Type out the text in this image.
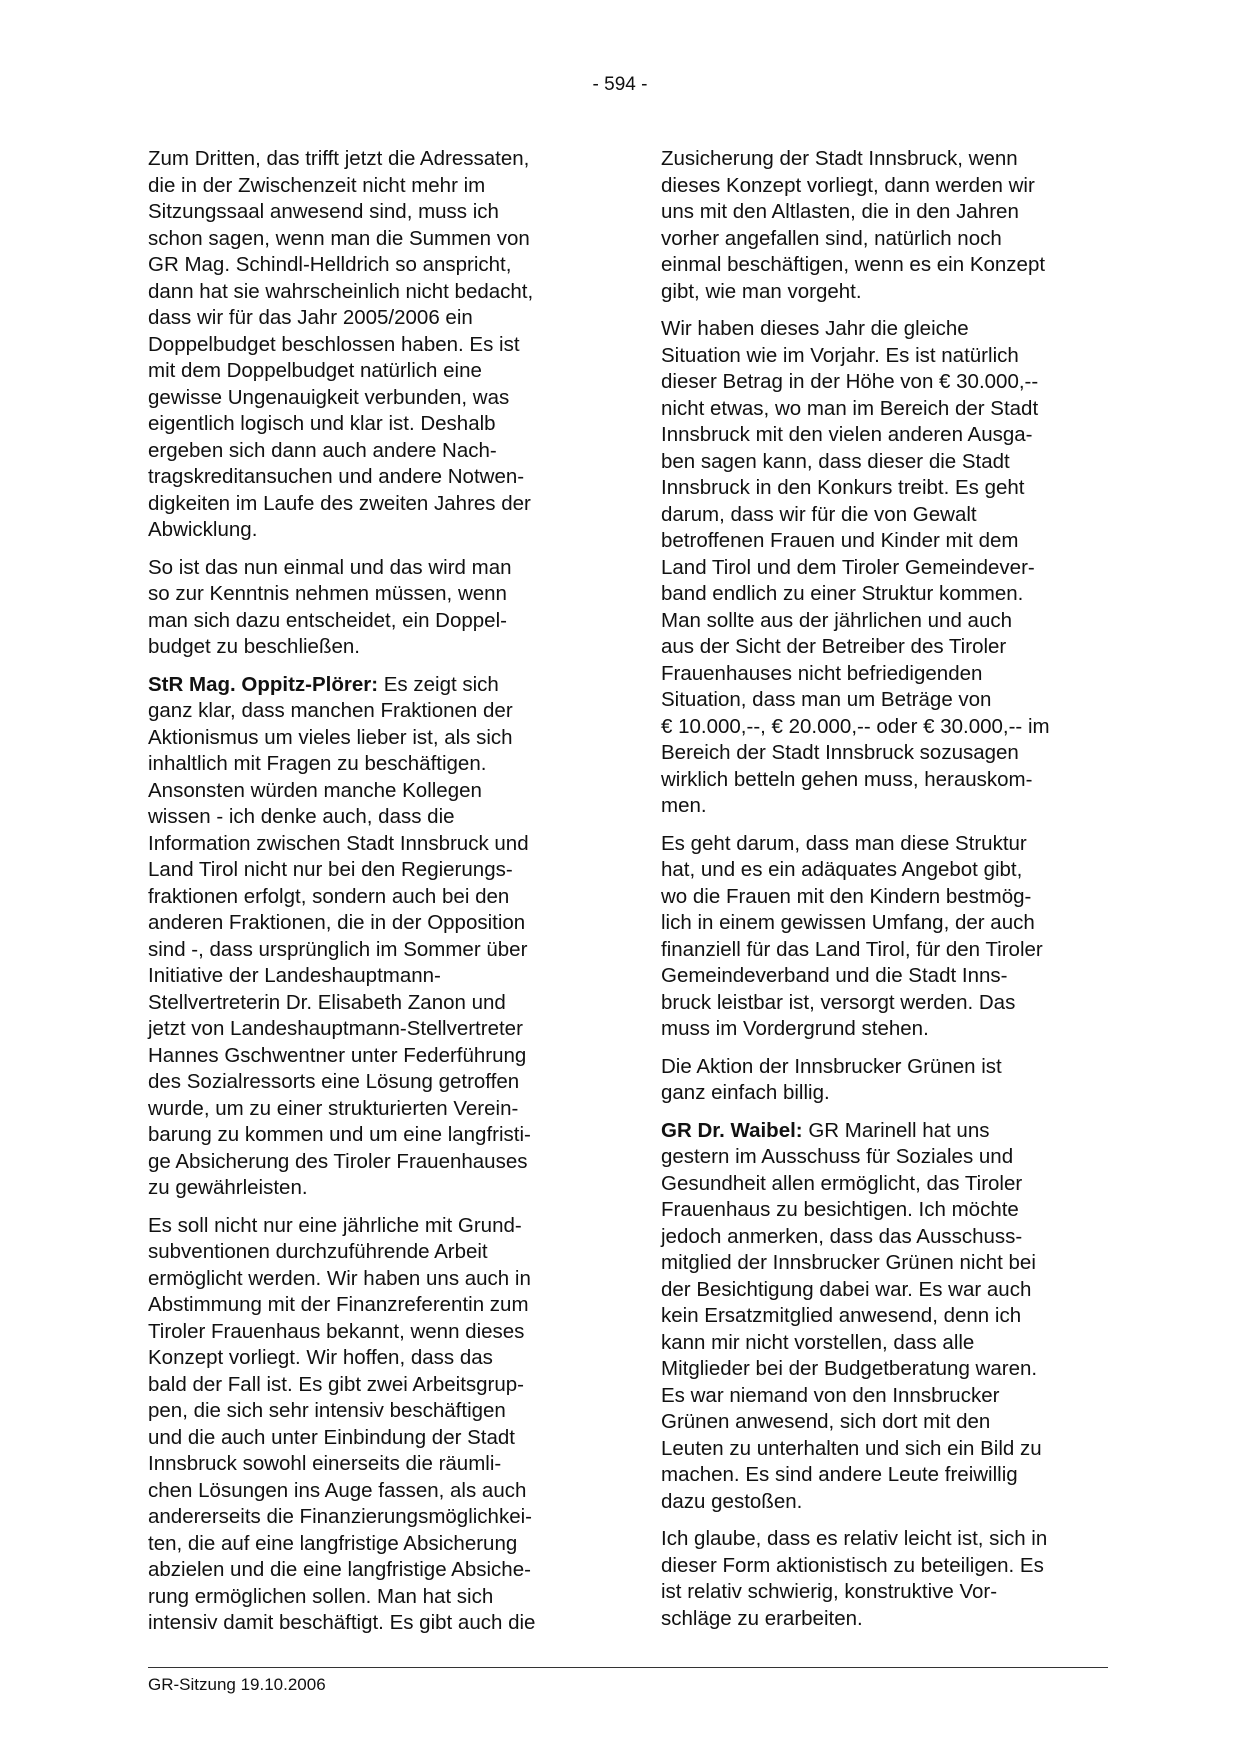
- 594 -

Zum Dritten, das trifft jetzt die Adressaten,
die in der Zwischenzeit nicht mehr im
Sitzungssaal anwesend sind, muss ich
schon sagen, wenn man die Summen von
GR Mag. Schindl-Helldrich so anspricht,
dann hat sie wahrscheinlich nicht bedacht,
dass wir für das Jahr 2005/2006 ein
Doppelbudget beschlossen haben. Es ist
mit dem Doppelbudget natürlich eine
gewisse Ungenauigkeit verbunden, was
eigentlich logisch und klar ist. Deshalb
ergeben sich dann auch andere Nach-
tragskreditansuchen und andere Notwen-
digkeiten im Laufe des zweiten Jahres der
Abwicklung.

So ist das nun einmal und das wird man
so zur Kenntnis nehmen müssen, wenn
man sich dazu entscheidet, ein Doppel-
budget zu beschließen.

StR Mag. Oppitz-Plörer: Es zeigt sich
ganz klar, dass manchen Fraktionen der
Aktionismus um vieles lieber ist, als sich
inhaltlich mit Fragen zu beschäftigen.
Ansonsten würden manche Kollegen
wissen - ich denke auch, dass die
Information zwischen Stadt Innsbruck und
Land Tirol nicht nur bei den Regierungs-
fraktionen erfolgt, sondern auch bei den
anderen Fraktionen, die in der Opposition
sind -, dass ursprünglich im Sommer über
Initiative der Landeshauptmann-
Stellvertreterin Dr. Elisabeth Zanon und
jetzt von Landeshauptmann-Stellvertreter
Hannes Gschwentner unter Federführung
des Sozialressorts eine Lösung getroffen
wurde, um zu einer strukturierten Verein-
barung zu kommen und um eine langfristi-
ge Absicherung des Tiroler Frauenhauses
zu gewährleisten.

Es soll nicht nur eine jährliche mit Grund-
subventionen durchzuführende Arbeit
ermöglicht werden. Wir haben uns auch in
Abstimmung mit der Finanzreferentin zum
Tiroler Frauenhaus bekannt, wenn dieses
Konzept vorliegt. Wir hoffen, dass das
bald der Fall ist. Es gibt zwei Arbeitsgrup-
pen, die sich sehr intensiv beschäftigen
und die auch unter Einbindung der Stadt
Innsbruck sowohl einerseits die räumli-
chen Lösungen ins Auge fassen, als auch
andererseits die Finanzierungsmöglichkei-
ten, die auf eine langfristige Absicherung
abzielen und die eine langfristige Absiche-
rung ermöglichen sollen. Man hat sich
intensiv damit beschäftigt. Es gibt auch die

Zusicherung der Stadt Innsbruck, wenn
dieses Konzept vorliegt, dann werden wir
uns mit den Altlasten, die in den Jahren
vorher angefallen sind, natürlich noch
einmal beschäftigen, wenn es ein Konzept
gibt, wie man vorgeht.

Wir haben dieses Jahr die gleiche
Situation wie im Vorjahr. Es ist natürlich
dieser Betrag in der Höhe von € 30.000,--
nicht etwas, wo man im Bereich der Stadt
Innsbruck mit den vielen anderen Ausga-
ben sagen kann, dass dieser die Stadt
Innsbruck in den Konkurs treibt. Es geht
darum, dass wir für die von Gewalt
betroffenen Frauen und Kinder mit dem
Land Tirol und dem Tiroler Gemeindever-
band endlich zu einer Struktur kommen.
Man sollte aus der jährlichen und auch
aus der Sicht der Betreiber des Tiroler
Frauenhauses nicht befriedigenden
Situation, dass man um Beträge von
€ 10.000,--, € 20.000,-- oder € 30.000,-- im
Bereich der Stadt Innsbruck sozusagen
wirklich betteln gehen muss, herauskom-
men.

Es geht darum, dass man diese Struktur
hat, und es ein adäquates Angebot gibt,
wo die Frauen mit den Kindern bestmög-
lich in einem gewissen Umfang, der auch
finanziell für das Land Tirol, für den Tiroler
Gemeindeverband und die Stadt Inns-
bruck leistbar ist, versorgt werden. Das
muss im Vordergrund stehen.

Die Aktion der Innsbrucker Grünen ist
ganz einfach billig.

GR Dr. Waibel: GR Marinell hat uns
gestern im Ausschuss für Soziales und
Gesundheit allen ermöglicht, das Tiroler
Frauenhaus zu besichtigen. Ich möchte
jedoch anmerken, dass das Ausschuss-
mitglied der Innsbrucker Grünen nicht bei
der Besichtigung dabei war. Es war auch
kein Ersatzmitglied anwesend, denn ich
kann mir nicht vorstellen, dass alle
Mitglieder bei der Budgetberatung waren.
Es war niemand von den Innsbrucker
Grünen anwesend, sich dort mit den
Leuten zu unterhalten und sich ein Bild zu
machen. Es sind andere Leute freiwillig
dazu gestoßen.

Ich glaube, dass es relativ leicht ist, sich in
dieser Form aktionistisch zu beteiligen. Es
ist relativ schwierig, konstruktive Vor-
schläge zu erarbeiten.

GR-Sitzung 19.10.2006
